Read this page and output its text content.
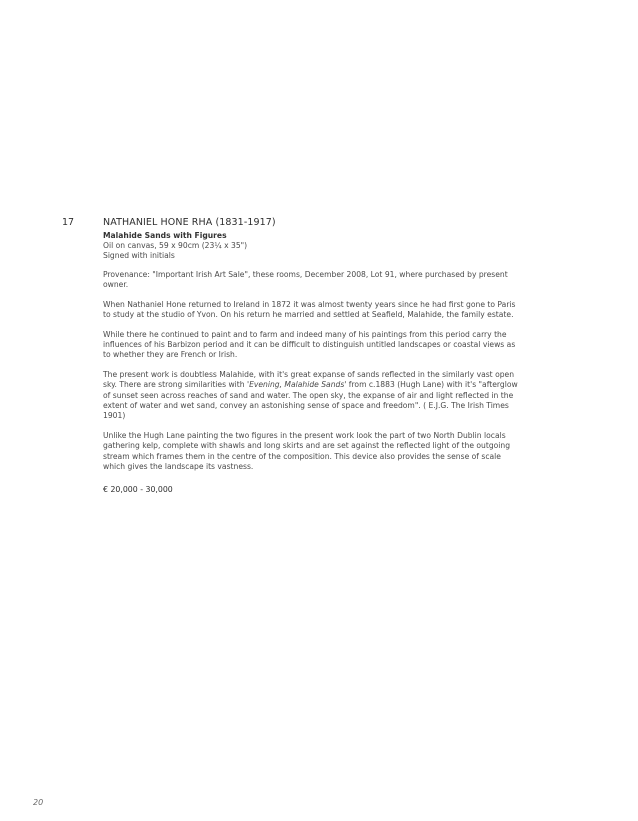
17	NATHANIEL HONE RHA (1831-1917)
Malahide Sands with Figures
Oil on canvas, 59 x 90cm (23¼ x 35")
Signed with initials

Provenance: "Important Irish Art Sale", these rooms, December 2008, Lot 91, where purchased by present owner.

When Nathaniel Hone returned to Ireland in 1872 it was almost twenty years since he had first gone to Paris to study at the studio of Yvon. On his return he married and settled at Seafield, Malahide, the family estate.

While there he continued to paint and to farm and indeed many of his paintings from this period carry the influences of his Barbizon period and it can be difficult to distinguish untitled landscapes or coastal views as to whether they are French or Irish.

The present work is doubtless Malahide, with it's great expanse of sands reflected in the similarly vast open sky. There are strong similarities with 'Evening, Malahide Sands' from c.1883 (Hugh Lane) with it's "afterglow of sunset seen across reaches of sand and water. The open sky, the expanse of air and light reflected in the extent of water and wet sand, convey an astonishing sense of space and freedom". ( E.J.G. The Irish Times 1901)

Unlike the Hugh Lane painting the two figures in the present work look the part of two North Dublin locals gathering kelp, complete with shawls and long skirts and are set against the reflected light of the outgoing stream which frames them in the centre of the composition. This device also provides the sense of scale which gives the landscape its vastness.

€ 20,000 - 30,000
20
